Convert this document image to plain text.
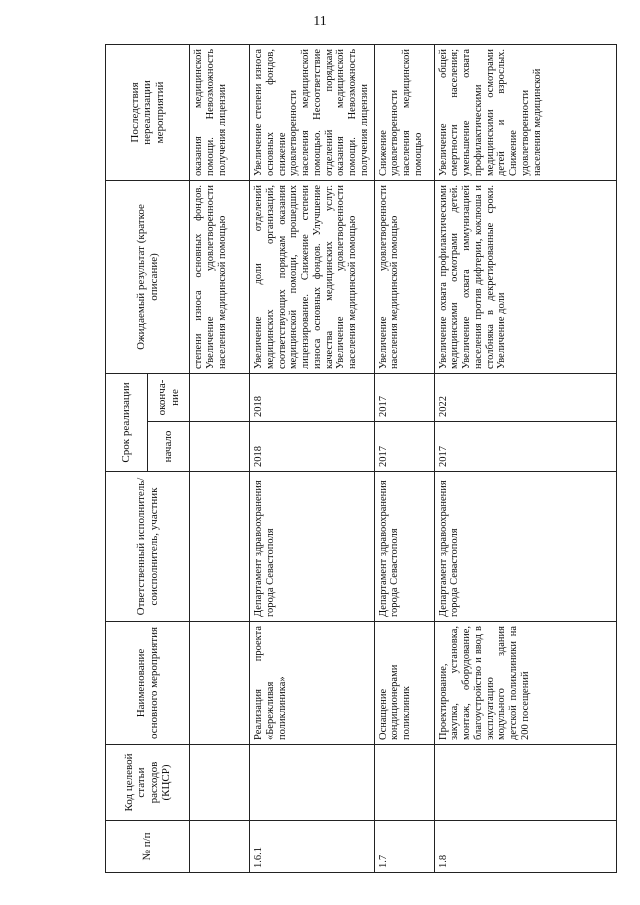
11
№ п/п	Код целевой статьи расходов (КЦСР)	Наименование основного мероприятия	Ответственный исполнитель/ соисполнитель, участник	Срок реализации		Ожидаемый результат (краткое описание)	Последствия нереализации мероприятий
				начало	оконча-ние		
						степени износа основных фондов. Увеличение удовлетворенности населения медицинской помощью	оказания медицинской помощи. Невозможность получения лицензии
1.6.1		Реализация проекта «Бережливая поликлиника»	Департамент здравоохранения города Севастополя	2018	2018	Увеличение доли отделений медицинских организаций, соответствующих порядкам оказания медицинской помощи, прошедших лицензирование. Снижение степени износа основных фондов. Улучшение качества медицинских услуг. Увеличение удовлетворенности населения медицинской помощью	Увеличение степени износа основных фондов, снижение удовлетворенности населения медицинской помощью. Несоответствие отделений порядкам оказания медицинской помощи. Невозможность получения лицензии
1.7		Оснащение кондиционерами поликлиник	Департамент здравоохранения города Севастополя	2017	2017	Увеличение удовлетворенности населения медицинской помощью	Снижение удовлетворенности населения медицинской помощью
1.8		Проектирование, закупка, установка, монтаж, оборудование, благоустройство и ввод в эксплуатацию модульного здания детской поликлиники на 200 посещений	Департамент здравоохранения города Севастополя	2017	2022	Увеличение охвата профилактическими медицинскими осмотрами детей. Увеличение охвата иммунизацией населения против дифтерии, коклюша и столбняка в декретированные сроки. Увеличение доли	Увеличение общей смертности населения; уменьшение охвата профилактическими медицинскими осмотрами детей и взрослых. Снижение удовлетворенности населения медицинской
